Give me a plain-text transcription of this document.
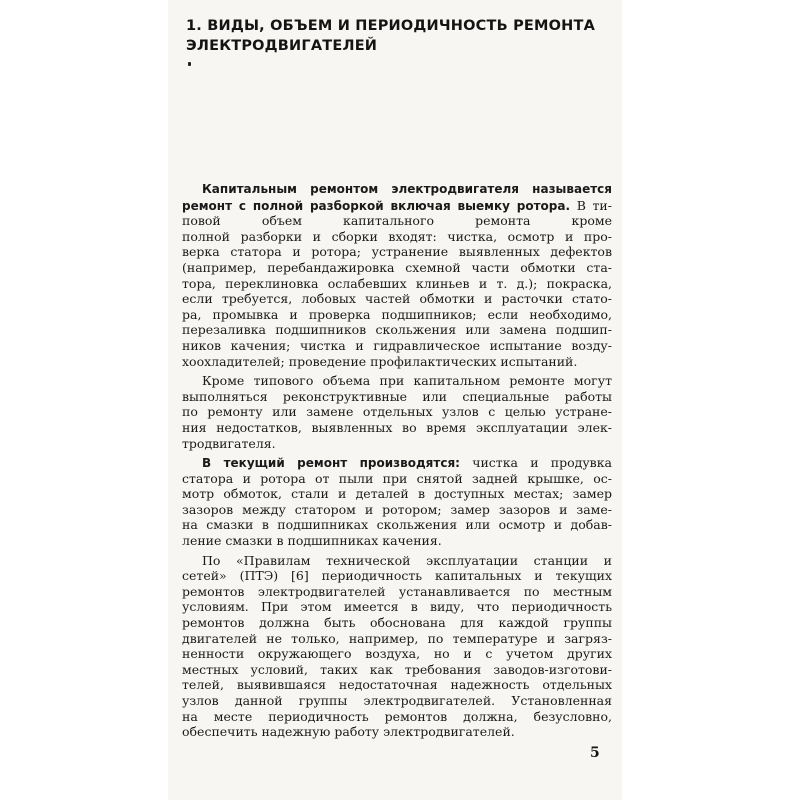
1. ВИДЫ, ОБЪЕМ И ПЕРИОДИЧНОСТЬ РЕМОНТА
ЭЛЕКТРОДВИГАТЕЛЕЙ
Капитальным ремонтом электродвигателя называется
ремонт с полной разборкой включая выемку ротора. В ти-
повой объем капитального ремонта кроме
полной разборки и сборки входят: чистка, осмотр и про-
верка статора и ротора; устранение выявленных дефектов
(например, перебандажировка схемной части обмотки ста-
тора, переклиновка ослабевших клиньев и т. д.); покраска,
если требуется, лобовых частей обмотки и расточки стато-
ра, промывка и проверка подшипников; если необходимо,
перезаливка подшипников скольжения или замена подшип-
ников качения; чистка и гидравлическое испытание возду-
хоохладителей; проведение профилактических испытаний.
Кроме типового объема при капитальном ремонте могут
выполняться реконструктивные или специальные работы
по ремонту или замене отдельных узлов с целью устране-
ния недостатков, выявленных во время эксплуатации элек-
тродвигателя.
В текущий ремонт производятся: чистка и продувка
статора и ротора от пыли при снятой задней крышке, ос-
мотр обмоток, стали и деталей в доступных местах; замер
зазоров между статором и ротором; замер зазоров и заме-
на смазки в подшипниках скольжения или осмотр и добав-
ление смазки в подшипниках качения.
По «Правилам технической эксплуатации станции и
сетей» (ПТЭ) [6] периодичность капитальных и текущих
ремонтов электродвигателей устанавливается по местным
условиям. При этом имеется в виду, что периодичность
ремонтов должна быть обоснована для каждой группы
двигателей не только, например, по температуре и загряз-
ненности окружающего воздуха, но и с учетом других
местных условий, таких как требования заводов-изготови-
телей, выявившаяся недостаточная надежность отдельных
узлов данной группы электродвигателей. Установленная
на месте периодичность ремонтов должна, безусловно,
обеспечить надежную работу электродвигателей.
5
